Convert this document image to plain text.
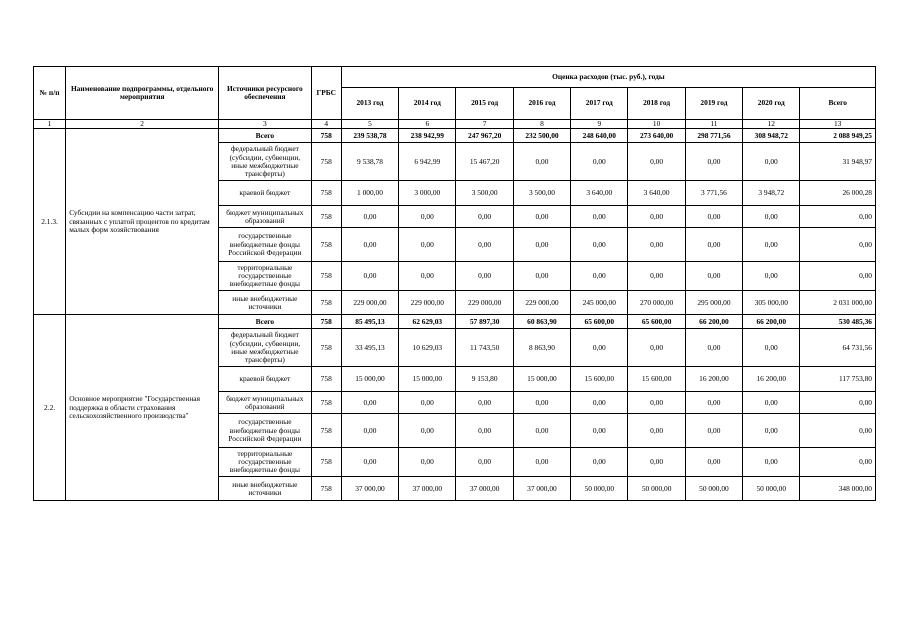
№ п/п	Наименование подпрограммы, отдельного мероприятия	Источники ресурсного обеспечения	ГРБС	Оценка расходов (тыс. руб.), годы								
				2013 год	2014 год	2015 год	2016 год	2017 год	2018 год	2019 год	2020 год	Всего
1	2	3	4	5	6	7	8	9	10	11	12	13
2.1.3.	Субсидии на компенсацию части затрат, связанных с уплатой процентов по кредитам малых форм хозяйствования	Всего	758	239 538,78	238 942,99	247 967,20	232 500,00	248 640,00	273 640,00	298 771,56	308 948,72	2 088 949,25
		федеральный бюджет (субсидии, субвенции, иные межбюджетные трансферты)	758	9 538,78	6 942,99	15 467,20	0,00	0,00	0,00	0,00	0,00	31 948,97
		краевой бюджет	758	1 000,00	3 000,00	3 500,00	3 500,00	3 640,00	3 640,00	3 771,56	3 948,72	26 000,28
		бюджет муниципальных образований	758	0,00	0,00	0,00	0,00	0,00	0,00	0,00	0,00	0,00
		государственные внебюджетные фонды Российской Федерации	758	0,00	0,00	0,00	0,00	0,00	0,00	0,00	0,00	0,00
		территориальные государственные внебюджетные фонды	758	0,00	0,00	0,00	0,00	0,00	0,00	0,00	0,00	0,00
		иные внебюджетные источники	758	229 000,00	229 000,00	229 000,00	229 000,00	245 000,00	270 000,00	295 000,00	305 000,00	2 031 000,00
2.2.	Основное мероприятие "Государственная поддержка в области страхования сельскохозяйственного производства"	Всего	758	85 495,13	62 629,03	57 897,30	60 863,90	65 600,00	65 600,00	66 200,00	66 200,00	530 485,36
		федеральный бюджет (субсидии, субвенции, иные межбюджетные трансферты)	758	33 495,13	10 629,03	11 743,50	8 863,90	0,00	0,00	0,00	0,00	64 731,56
		краевой бюджет	758	15 000,00	15 000,00	9 153,80	15 000,00	15 600,00	15 600,00	16 200,00	16 200,00	117 753,80
		бюджет муниципальных образований	758	0,00	0,00	0,00	0,00	0,00	0,00	0,00	0,00	0,00
		государственные внебюджетные фонды Российской Федерации	758	0,00	0,00	0,00	0,00	0,00	0,00	0,00	0,00	0,00
		территориальные государственные внебюджетные фонды	758	0,00	0,00	0,00	0,00	0,00	0,00	0,00	0,00	0,00
		иные внебюджетные источники	758	37 000,00	37 000,00	37 000,00	37 000,00	50 000,00	50 000,00	50 000,00	50 000,00	348 000,00
